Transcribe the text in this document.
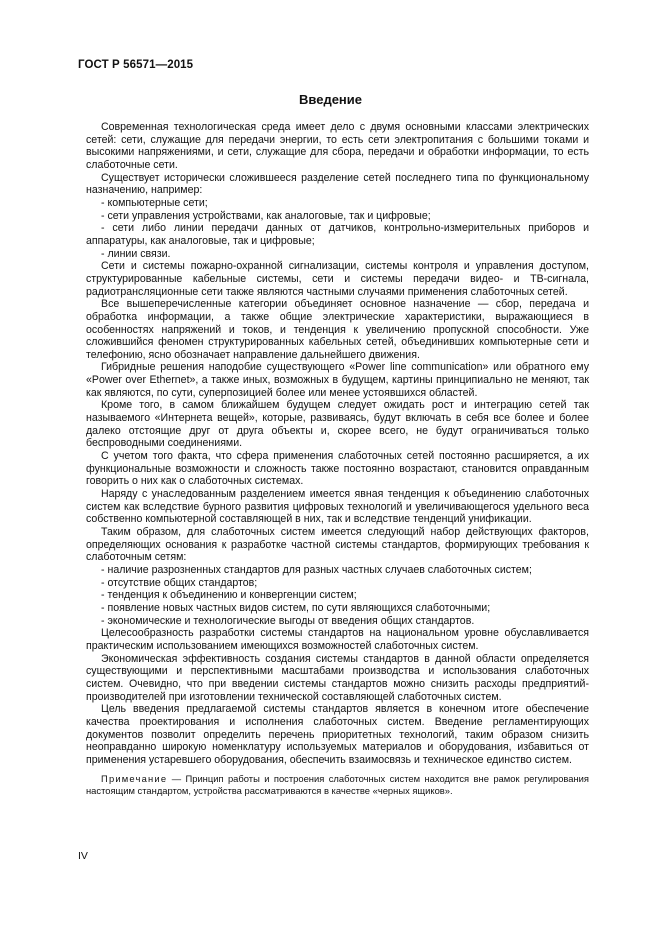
ГОСТ Р 56571—2015
Введение

Современная технологическая среда имеет дело с двумя основными классами электрических сетей: сети, служащие для передачи энергии, то есть сети электропитания с большими токами и высокими напряжениями, и сети, служащие для сбора, передачи и обработки информации, то есть слаботочные сети.

Существует исторически сложившееся разделение сетей последнего типа по функциональному назначению, например:

- компьютерные сети;

- сети управления устройствами, как аналоговые, так и цифровые;

- сети либо линии передачи данных от датчиков, контрольно-измерительных приборов и аппаратуры, как аналоговые, так и цифровые;

- линии связи.

Сети и системы пожарно-охранной сигнализации, системы контроля и управления доступом, структурированные кабельные системы, сети и системы передачи видео- и ТВ-сигнала, радиотрансляционные сети также являются частными случаями применения слаботочных сетей.

Все вышеперечисленные категории объединяет основное назначение — сбор, передача и обработка информации, а также общие электрические характеристики, выражающиеся в особенностях напряжений и токов, и тенденция к увеличению пропускной способности. Уже сложившийся феномен структурированных кабельных сетей, объединивших компьютерные сети и телефонию, ясно обозначает направление дальнейшего движения.

Гибридные решения наподобие существующего «Power line communication» или обратного ему «Power over Ethernet», а также иных, возможных в будущем, картины принципиально не меняют, так как являются, по сути, суперпозицией более или менее устоявшихся областей.

Кроме того, в самом ближайшем будущем следует ожидать рост и интеграцию сетей так называемого «Интернета вещей», которые, развиваясь, будут включать в себя все более и более далеко отстоящие друг от друга объекты и, скорее всего, не будут ограничиваться только беспроводными соединениями.

С учетом того факта, что сфера применения слаботочных сетей постоянно расширяется, а их функциональные возможности и сложность также постоянно возрастают, становится оправданным говорить о них как о слаботочных системах.

Наряду с унаследованным разделением имеется явная тенденция к объединению слаботочных систем как вследствие бурного развития цифровых технологий и увеличивающегося удельного веса собственно компьютерной составляющей в них, так и вследствие тенденций унификации.

Таким образом, для слаботочных систем имеется следующий набор действующих факторов, определяющих основания к разработке частной системы стандартов, формирующих требования к слаботочным сетям:

- наличие разрозненных стандартов для разных частных случаев слаботочных систем;

- отсутствие общих стандартов;

- тенденция к объединению и конвергенции систем;

- появление новых частных видов систем, по сути являющихся слаботочными;

- экономические и технологические выгоды от введения общих стандартов.

Целесообразность разработки системы стандартов на национальном уровне обуславливается практическим использованием имеющихся возможностей слаботочных систем.

Экономическая эффективность создания системы стандартов в данной области определяется существующими и перспективными масштабами производства и использования слаботочных систем. Очевидно, что при введении системы стандартов можно снизить расходы предприятий-производителей при изготовлении технической составляющей слаботочных систем.

Цель введения предлагаемой системы стандартов является в конечном итоге обеспечение качества проектирования и исполнения слаботочных систем. Введение регламентирующих документов позволит определить перечень приоритетных технологий, таким образом снизить неоправданно широкую номенклатуру используемых материалов и оборудования, избавиться от применения устаревшего оборудования, обеспечить взаимосвязь и техническое единство систем.

Примечание — Принцип работы и построения слаботочных систем находится вне рамок регулирования настоящим стандартом, устройства рассматриваются в качестве «черных ящиков».

IV
